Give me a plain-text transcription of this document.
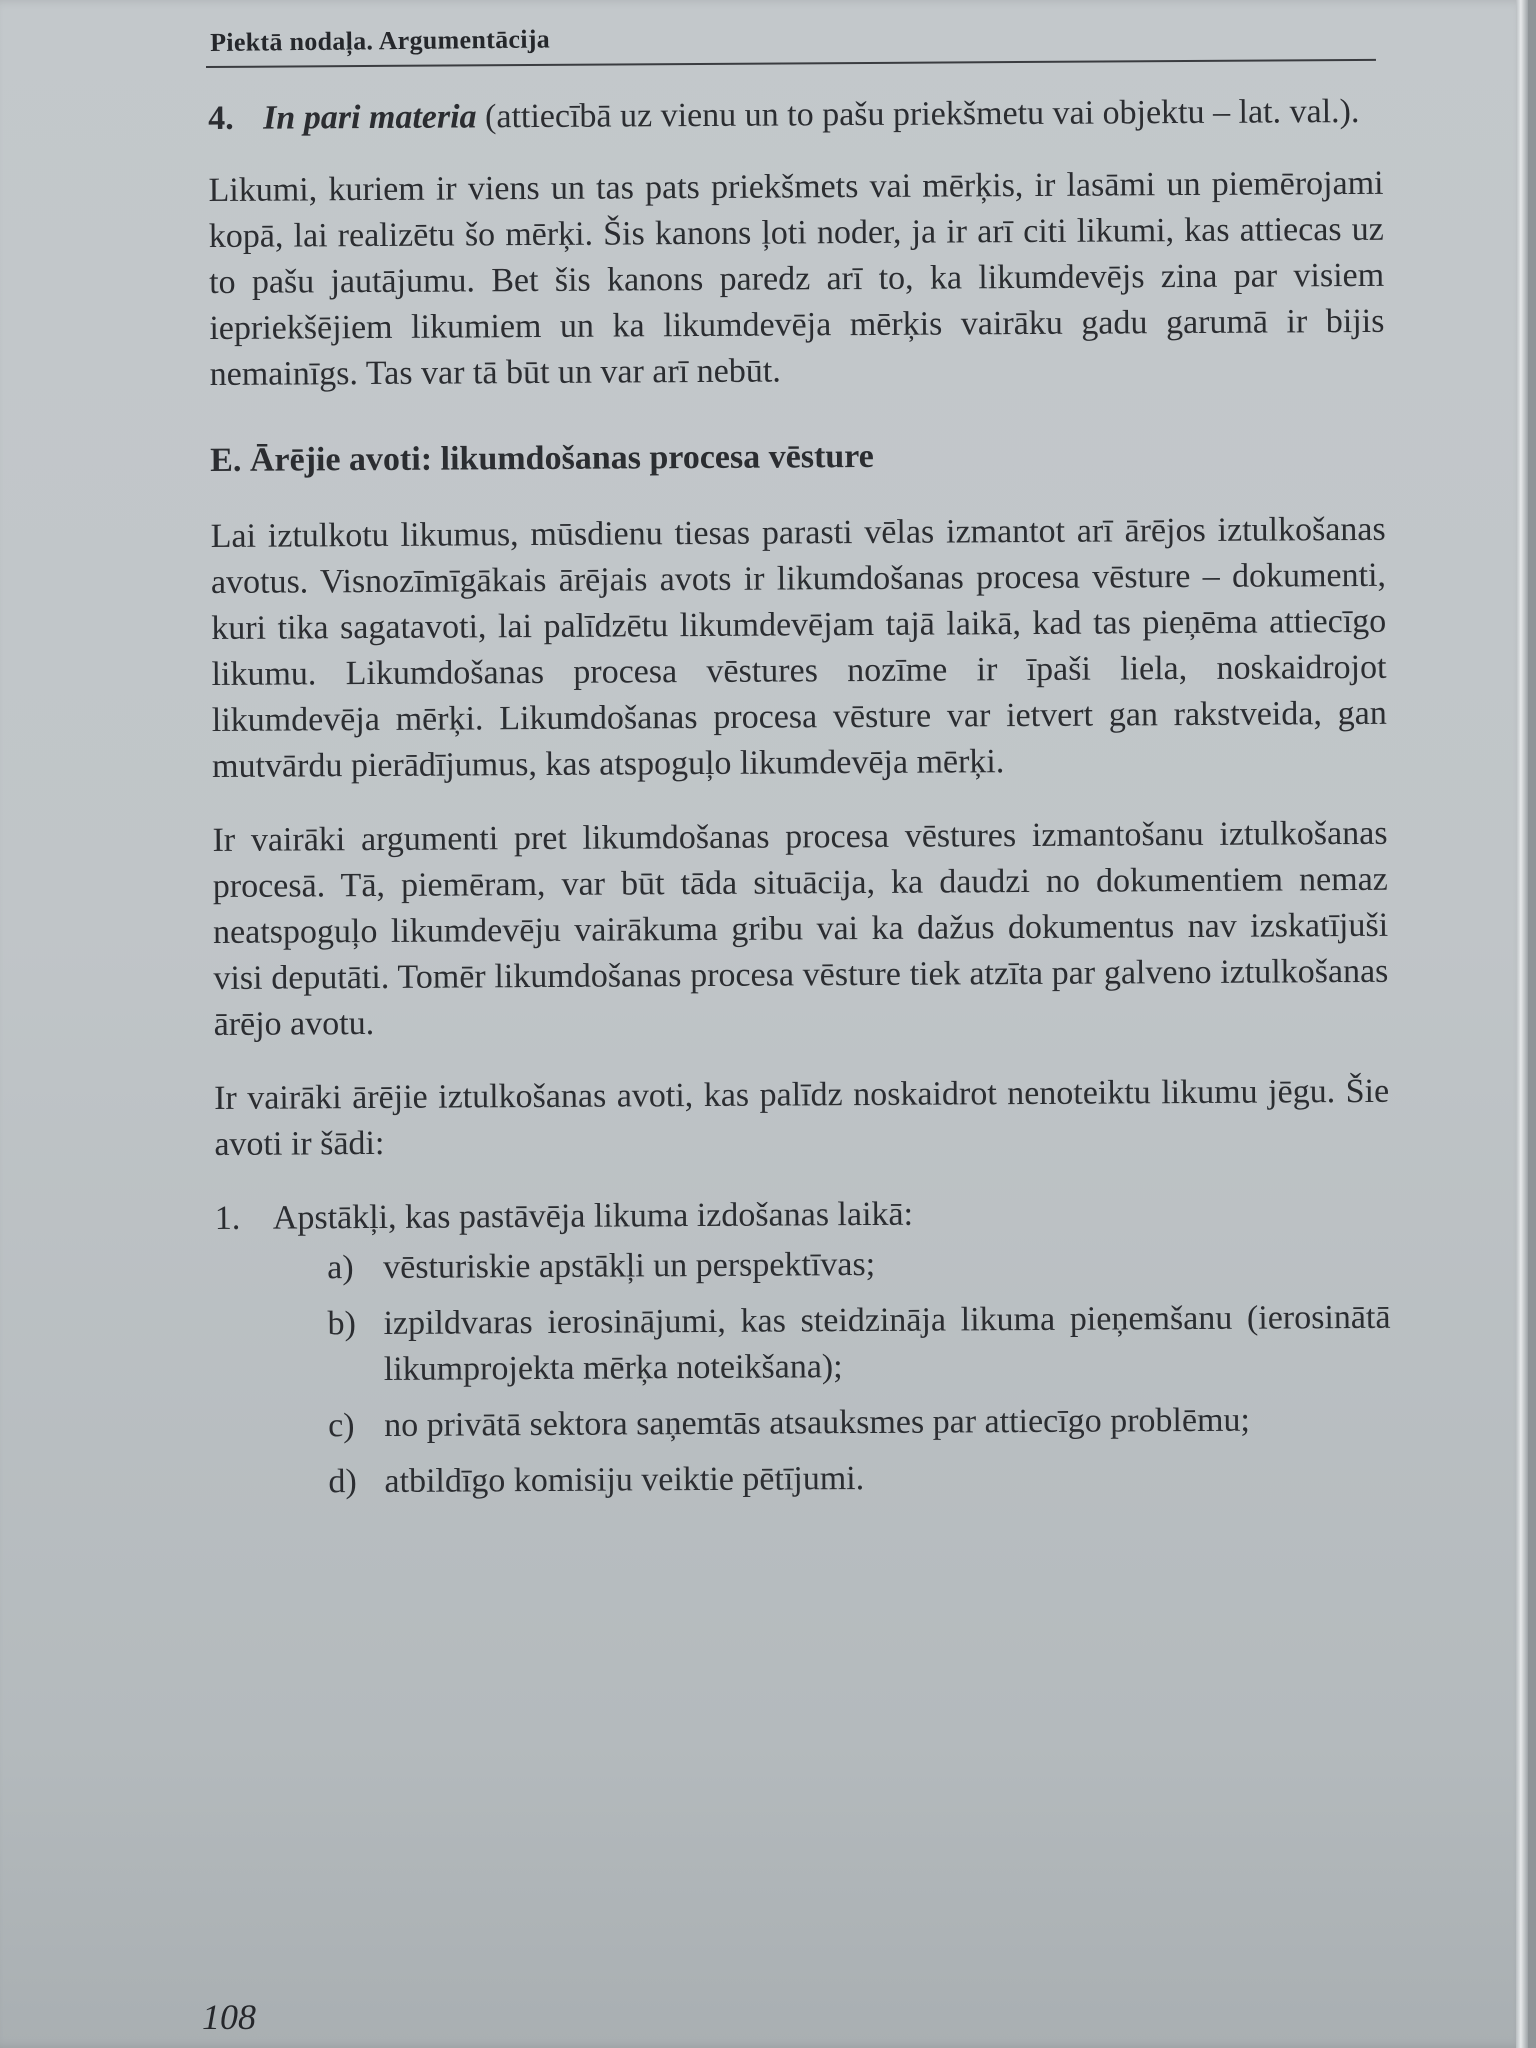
Piektā nodaļa. Argumentācija
4. In pari materia (attiecībā uz vienu un to pašu priekšmetu vai objektu – lat. val.).

Likumi, kuriem ir viens un tas pats priekšmets vai mērķis, ir lasāmi un piemērojami kopā, lai realizētu šo mērķi. Šis kanons ļoti noder, ja ir arī citi likumi, kas attiecas uz to pašu jautājumu. Bet šis kanons paredz arī to, ka likumdevējs zina par visiem iepriekšējiem likumiem un ka likumdevēja mērķis vairāku gadu garumā ir bijis nemainīgs. Tas var tā būt un var arī nebūt.

E. Ārējie avoti: likumdošanas procesa vēsture

Lai iztulkotu likumus, mūsdienu tiesas parasti vēlas izmantot arī ārējos iztulkošanas avotus. Visnozīmīgākais ārējais avots ir likumdošanas procesa vēsture – dokumenti, kuri tika sagatavoti, lai palīdzētu likumdevējam tajā laikā, kad tas pieņēma attiecīgo likumu. Likumdošanas procesa vēstures nozīme ir īpaši liela, noskaidrojot likumdevēja mērķi. Likumdošanas procesa vēsture var ietvert gan rakstveida, gan mutvārdu pierādījumus, kas atspoguļo likumdevēja mērķi.

Ir vairāki argumenti pret likumdošanas procesa vēstures izmantošanu iztulkošanas procesā. Tā, piemēram, var būt tāda situācija, ka daudzi no dokumentiem nemaz neatspoguļo likumdevēju vairākuma gribu vai ka dažus dokumentus nav izskatījuši visi deputāti. Tomēr likumdošanas procesa vēsture tiek atzīta par galveno iztulkošanas ārējo avotu.

Ir vairāki ārējie iztulkošanas avoti, kas palīdz noskaidrot nenoteiktu likumu jēgu. Šie avoti ir šādi:

1. Apstākļi, kas pastāvēja likuma izdošanas laikā:
a) vēsturiskie apstākļi un perspektīvas;
b) izpildvaras ierosinājumi, kas steidzināja likuma pieņemšanu (ierosinātā likumprojekta mērķa noteikšana);
c) no privātā sektora saņemtās atsauksmes par attiecīgo problēmu;
d) atbildīgo komisiju veiktie pētījumi.
108
